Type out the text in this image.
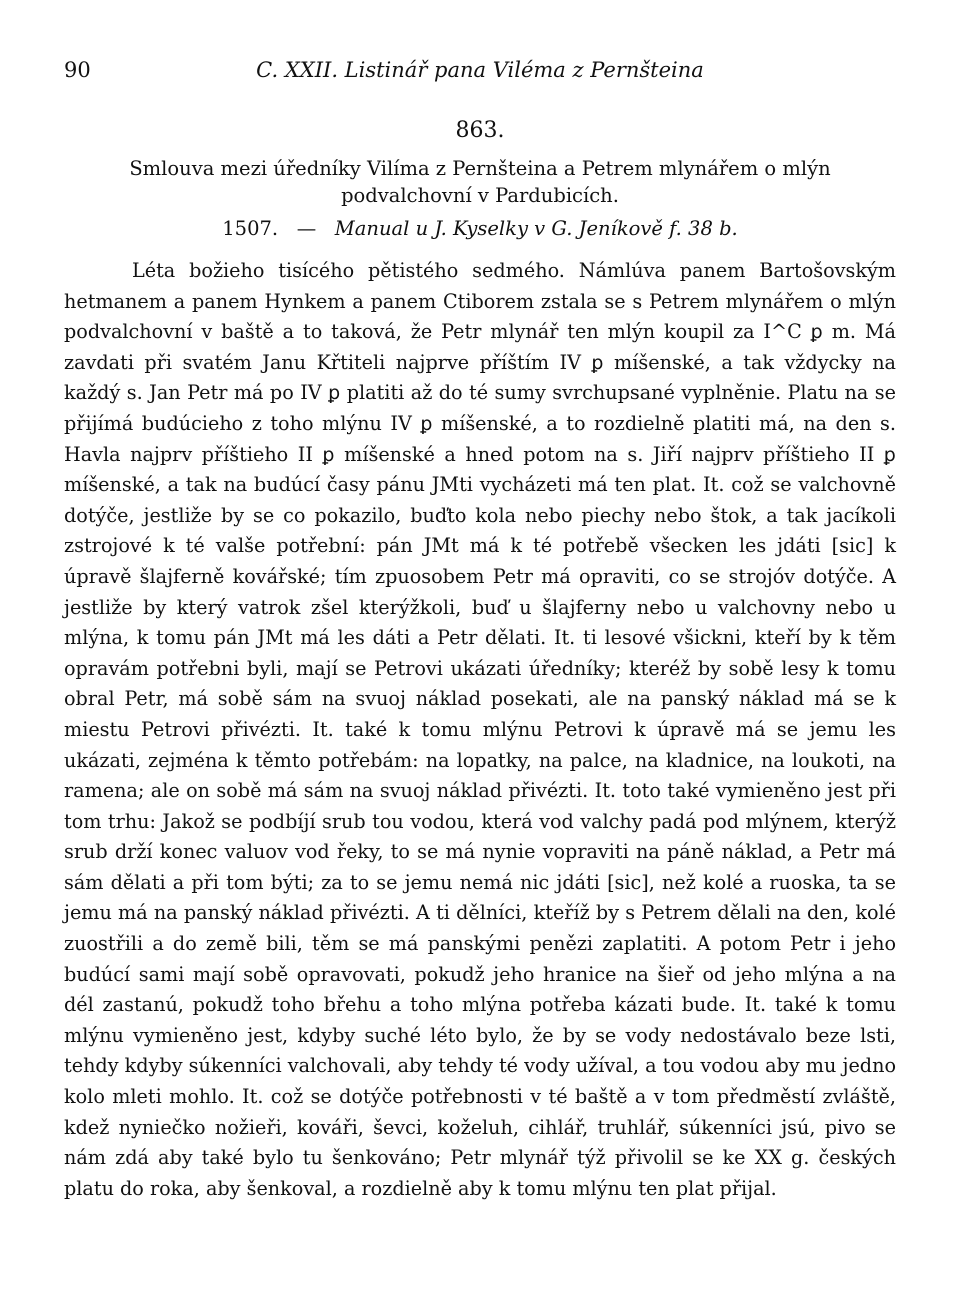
90	C. XXII. Listinář pana Viléma z Pernšteina
863.

Smlouva mezi úředníky Vilíma z Pernšteina a Petrem mlynářem o mlýn podvalchovní v Pardubicích.

1507. — Manual u J. Kyselky v G. Jeníkově f. 38 b.

Léta božieho tisícého pětistého sedmého. Námlúva panem Bartošovským hetmanem a panem Hynkem a panem Ctiborem zstala se s Petrem mlynářem o mlýn podvalchovní v baště a to taková, že Petr mlynář ten mlýn koupil za I^C ꝑ m. Má zavdati při svatém Janu Křtiteli najprve příštím IV ꝑ míšenské, a tak vždycky na každý s. Jan Petr má po IV ꝑ platiti až do té sumy svrchupsané vyplněnie. Platu na se přijímá budúcieho z toho mlýnu IV ꝑ míšenské, a to rozdielně platiti má, na den s. Havla najprv příštieho II ꝑ míšenské a hned potom na s. Jiří najprv příštieho II ꝑ míšenské, a tak na budúcí časy pánu JMti vycházeti má ten plat. It. což se valchovně dotýče, jestliže by se co pokazilo, buďto kola nebo piechy nebo štok, a tak jacíkoli zstrojové k té valše potřební: pán JMt má k té potřebě všecken les jdáti [sic] k úpravě šlajferně kovářské; tím zpuosobem Petr má opraviti, co se strojóv dotýče. A jestliže by který vatrok zšel kterýžkoli, buď u šlajferny nebo u valchovny nebo u mlýna, k tomu pán JMt má les dáti a Petr dělati. It. ti lesové všickni, kteří by k těm opravám potřebni byli, mají se Petrovi ukázati úředníky; kteréž by sobě lesy k tomu obral Petr, má sobě sám na svuoj náklad posekati, ale na panský náklad má se k miestu Petrovi přivézti. It. také k tomu mlýnu Petrovi k úpravě má se jemu les ukázati, zejména k těmto potřebám: na lopatky, na palce, na kladnice, na loukoti, na ramena; ale on sobě má sám na svuoj náklad přivézti. It. toto také vymieněno jest při tom trhu: Jakož se podbíjí srub tou vodou, která vod valchy padá pod mlýnem, kterýž srub drží konec valuov vod řeky, to se má nynie vopraviti na páně náklad, a Petr má sám dělati a při tom býti; za to se jemu nemá nic jdáti [sic], než kolé a ruoska, ta se jemu má na panský náklad přivézti. A ti dělníci, kteříž by s Petrem dělali na den, kolé zuostřili a do země bili, těm se má panskými penězi zaplatiti. A potom Petr i jeho budúcí sami mají sobě opravovati, pokudž jeho hranice na šieř od jeho mlýna a na dél zastanú, pokudž toho břehu a toho mlýna potřeba kázati bude. It. také k tomu mlýnu vymieněno jest, kdyby suché léto bylo, že by se vody nedostávalo beze lsti, tehdy kdyby súkenníci valchovali, aby tehdy té vody užíval, a tou vodou aby mu jedno kolo mleti mohlo. It. což se dotýče potřebnosti v té baště a v tom předměstí zvláště, kdež nyniečko nožieři, kováři, ševci, koželuh, cihlář, truhlář, súkenníci jsú, pivo se nám zdá aby také bylo tu šenkováno; Petr mlynář týž přivolil se ke XX g. českých platu do roka, aby šenkoval, a rozdielně aby k tomu mlýnu ten plat přijal.
